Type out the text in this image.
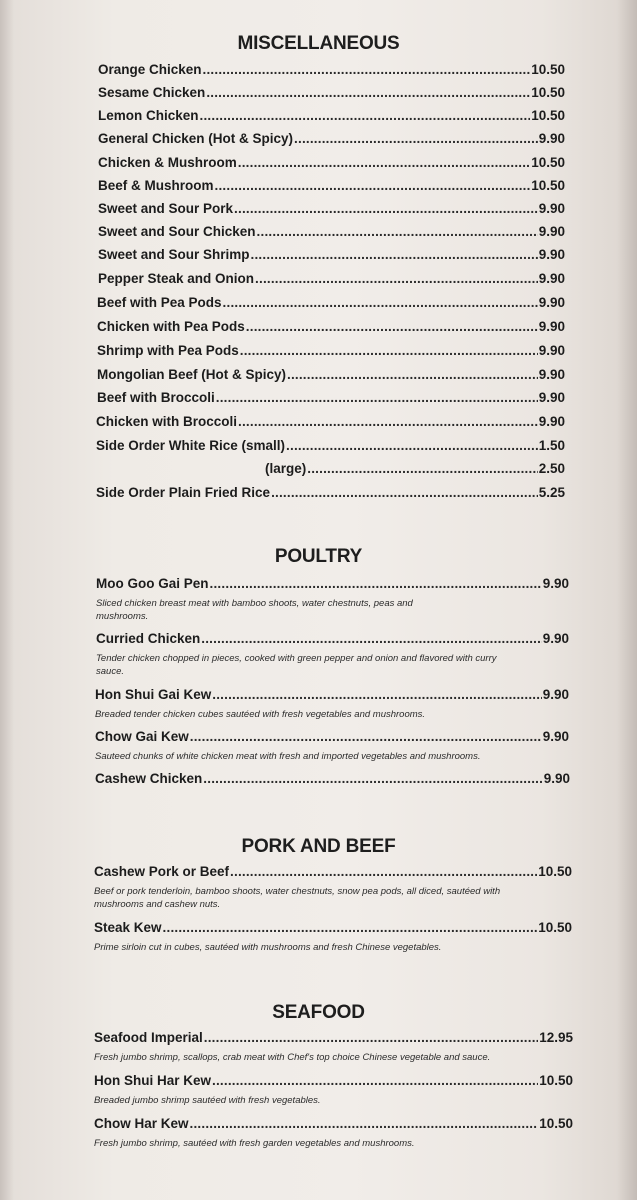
MISCELLANEOUS
Orange Chicken .....	10.50
Sesame Chicken .....	10.50
Lemon Chicken .....	10.50
General Chicken (Hot & Spicy) .....	9.90
Chicken & Mushroom .....	10.50
Beef & Mushroom .....	10.50
Sweet and Sour Pork .....	9.90
Sweet and Sour Chicken .....	9.90
Sweet and Sour Shrimp .....	9.90
Pepper Steak and Onion .....	9.90
Beef with Pea Pods .....	9.90
Chicken with Pea Pods .....	9.90
Shrimp with Pea Pods .....	9.90
Mongolian Beef (Hot & Spicy) .....	9.90
Beef with Broccoli .....	9.90
Chicken with Broccoli .....	9.90
Side Order White Rice (small) .....	1.50
(large) .....	2.50
Side Order Plain Fried Rice .....	5.25
POULTRY
Moo Goo Gai Pen .....	9.90
Sliced chicken breast meat with bamboo shoots, water chestnuts, peas and mushrooms.
Curried Chicken .....	9.90
Tender chicken chopped in pieces, cooked with green pepper and onion and flavored with curry sauce.
Hon Shui Gai Kew .....	9.90
Breaded tender chicken cubes sautéed with fresh vegetables and mushrooms.
Chow Gai Kew .....	9.90
Sauteed chunks of white chicken meat with fresh and imported vegetables and mushrooms.
Cashew Chicken .....	9.90
PORK AND BEEF
Cashew Pork or Beef .....	10.50
Beef or pork tenderloin, bamboo shoots, water chestnuts, snow pea pods, all diced, sautéed with mushrooms and cashew nuts.
Steak Kew .....	10.50
Prime sirloin cut in cubes, sautéed with mushrooms and fresh Chinese vegetables.
SEAFOOD
Seafood Imperial .....	12.95
Fresh jumbo shrimp, scallops, crab meat with Chef's top choice Chinese vegetable and sauce.
Hon Shui Har Kew .....	10.50
Breaded jumbo shrimp sautéed with fresh vegetables.
Chow Har Kew .....	10.50
Fresh jumbo shrimp, sautéed with fresh garden vegetables and mushrooms.
